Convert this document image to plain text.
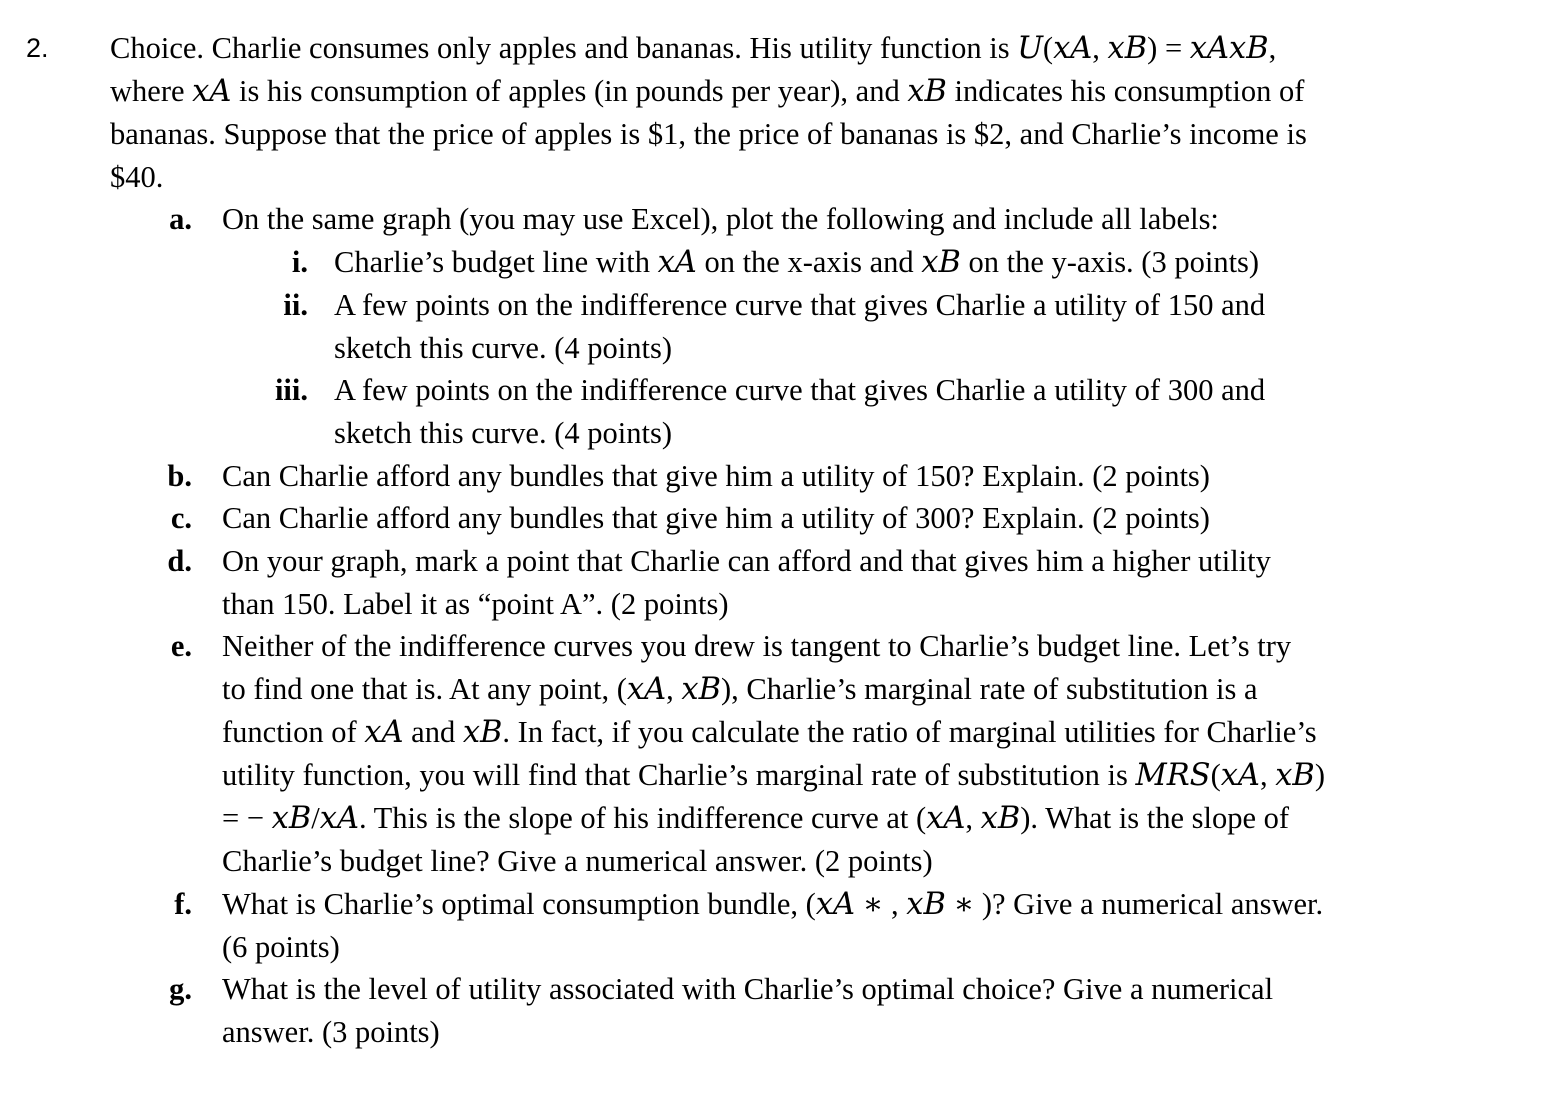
2. Choice. Charlie consumes only apples and bananas. His utility function is 𝑈(𝑥𝐴, 𝑥𝐵) = 𝑥𝐴𝑥𝐵,
where 𝑥𝐴 is his consumption of apples (in pounds per year), and 𝑥𝐵 indicates his consumption of
bananas. Suppose that the price of apples is $1, the price of bananas is $2, and Charlie’s income is
$40.
a. On the same graph (you may use Excel), plot the following and include all labels:
i. Charlie’s budget line with 𝑥𝐴 on the x-axis and 𝑥𝐵 on the y-axis. (3 points)
ii. A few points on the indifference curve that gives Charlie a utility of 150 and
sketch this curve. (4 points)
iii. A few points on the indifference curve that gives Charlie a utility of 300 and
sketch this curve. (4 points)
b. Can Charlie afford any bundles that give him a utility of 150? Explain. (2 points)
c. Can Charlie afford any bundles that give him a utility of 300? Explain. (2 points)
d. On your graph, mark a point that Charlie can afford and that gives him a higher utility
than 150. Label it as “point A”. (2 points)
e. Neither of the indifference curves you drew is tangent to Charlie’s budget line. Let’s try
to find one that is. At any point, (𝑥𝐴, 𝑥𝐵), Charlie’s marginal rate of substitution is a
function of 𝑥𝐴 and 𝑥𝐵. In fact, if you calculate the ratio of marginal utilities for Charlie’s
utility function, you will find that Charlie’s marginal rate of substitution is 𝑀𝑅𝑆(𝑥𝐴, 𝑥𝐵)
= − 𝑥𝐵/𝑥𝐴. This is the slope of his indifference curve at (𝑥𝐴, 𝑥𝐵). What is the slope of
Charlie’s budget line? Give a numerical answer. (2 points)
f. What is Charlie’s optimal consumption bundle, (𝑥𝐴 ∗ , 𝑥𝐵 ∗ )? Give a numerical answer.
(6 points)
g. What is the level of utility associated with Charlie’s optimal choice? Give a numerical
answer. (3 points)
